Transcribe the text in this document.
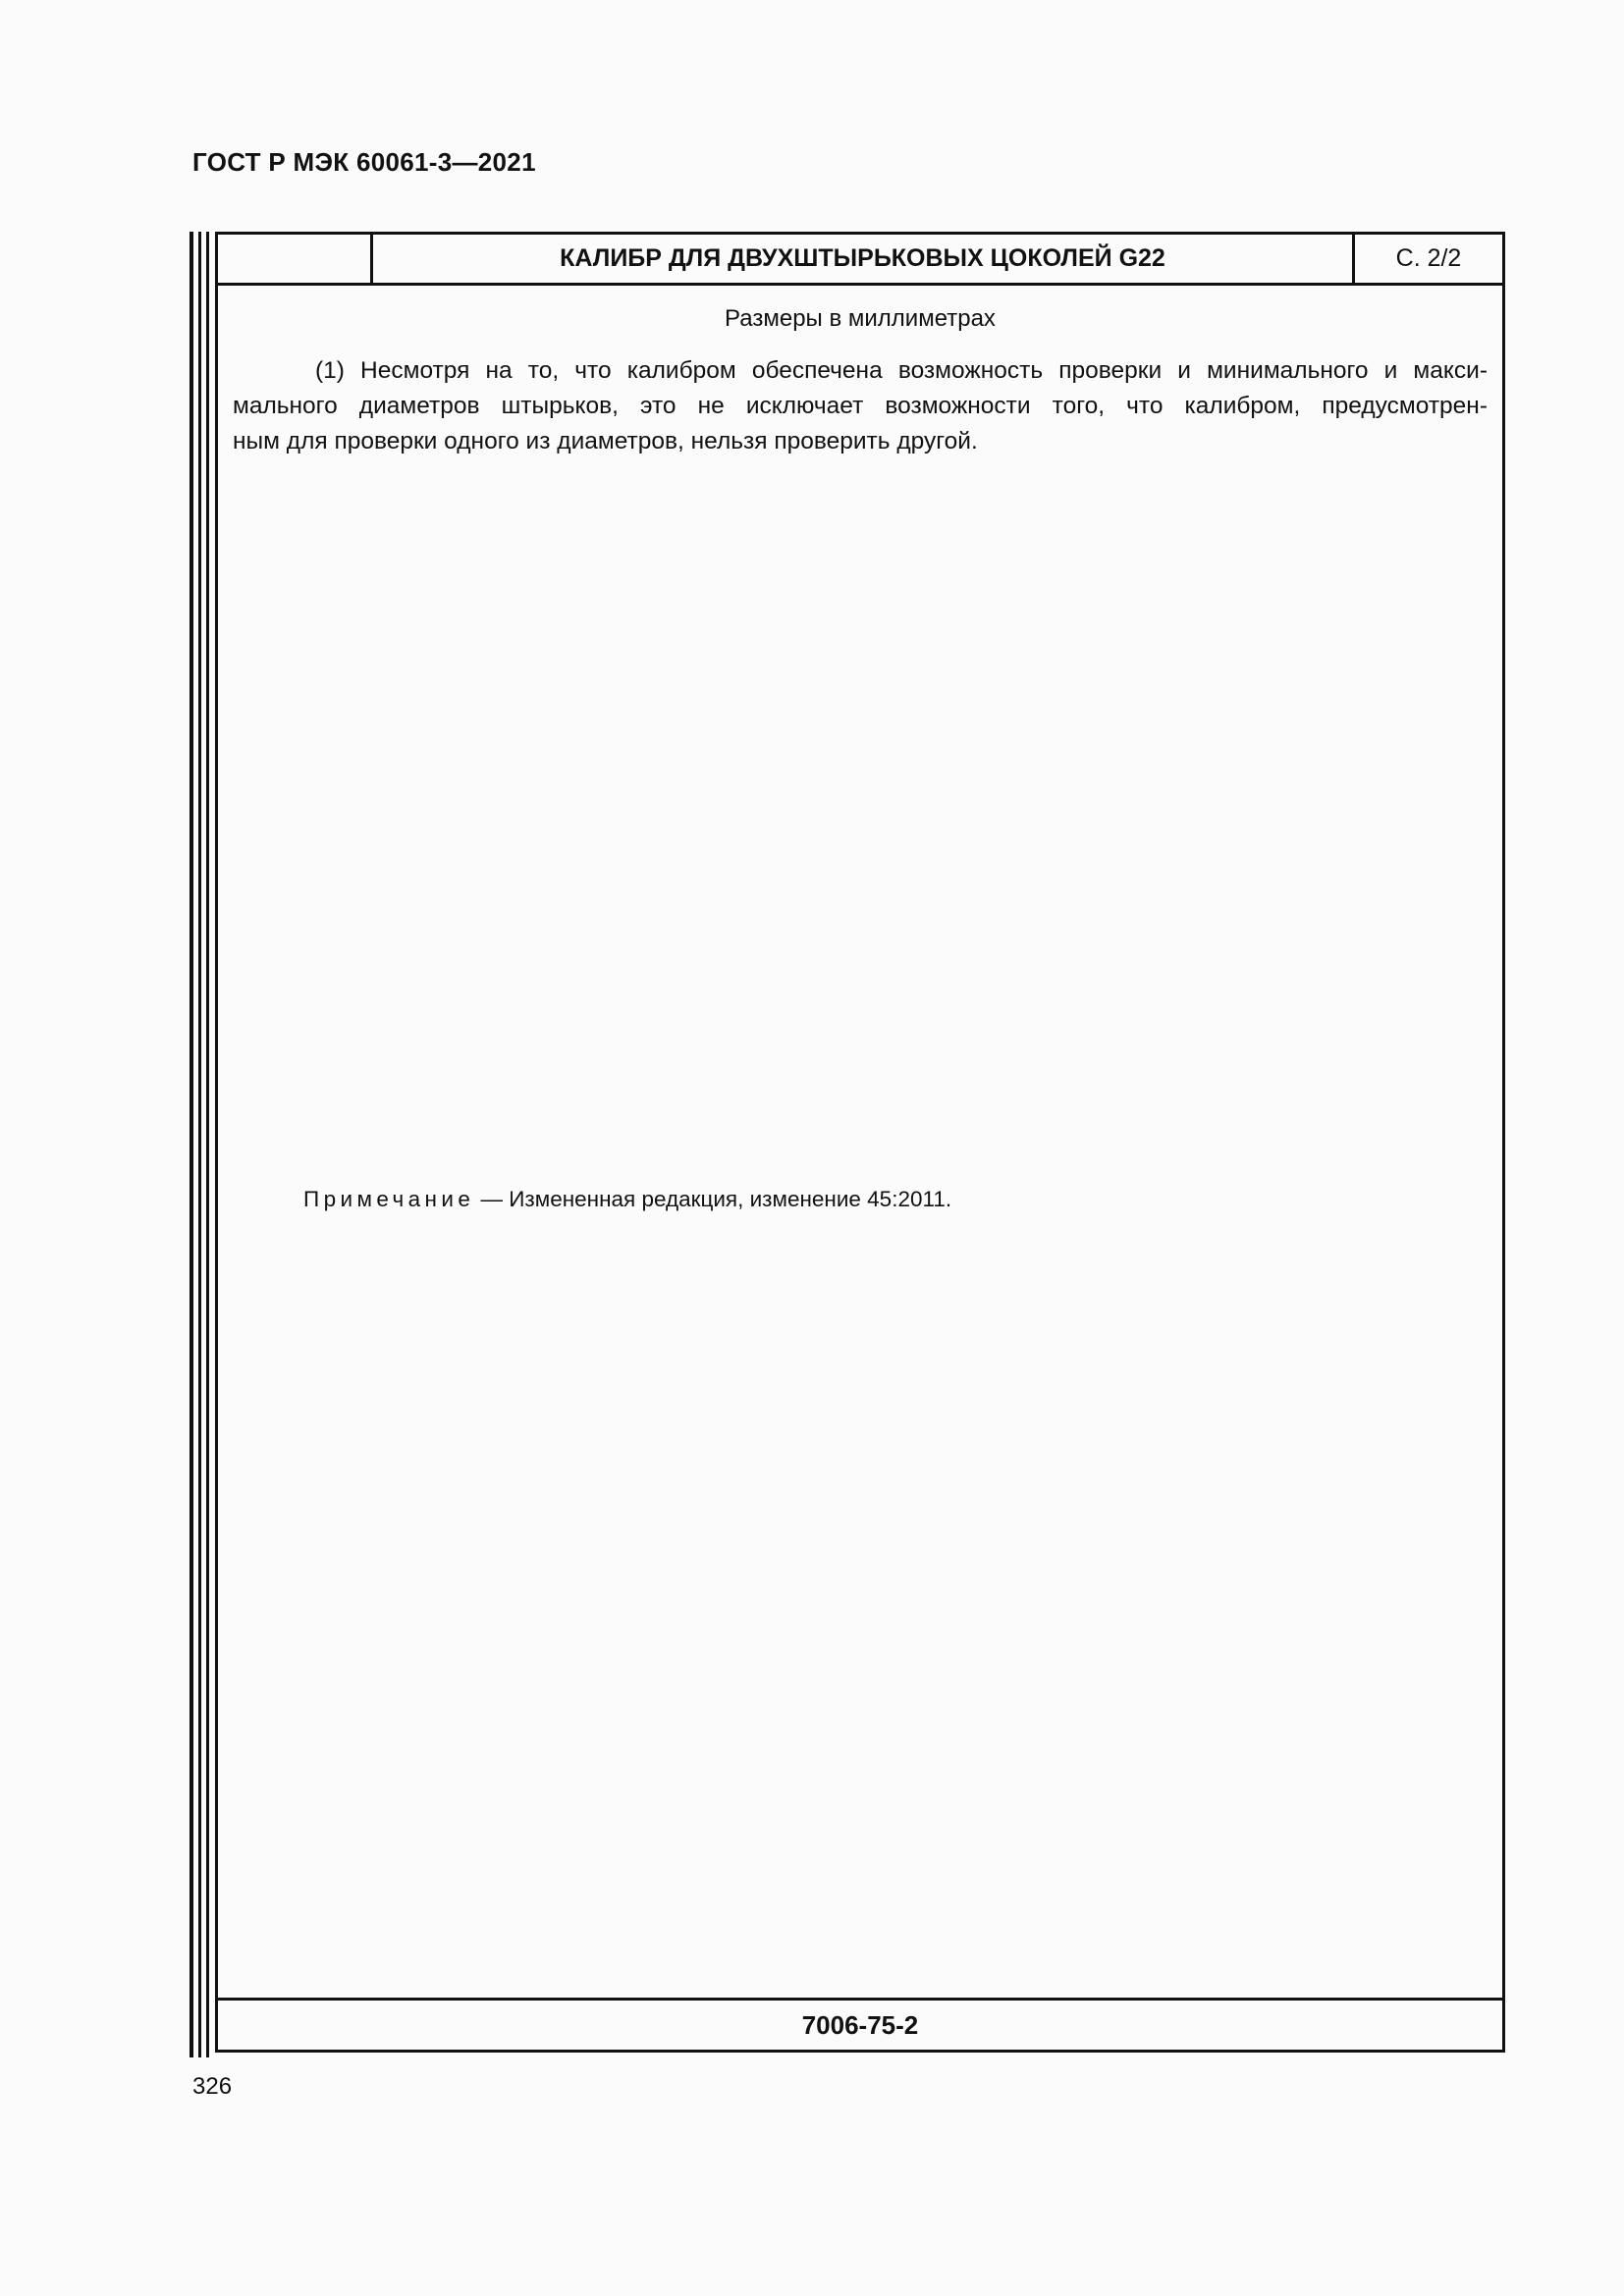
ГОСТ Р МЭК 60061-3—2021
КАЛИБР ДЛЯ ДВУХШТЫРЬКОВЫХ ЦОКОЛЕЙ G22	С. 2/2
Размеры в миллиметрах
(1) Несмотря на то, что калибром обеспечена возможность проверки и минимального и макси-
мального диаметров штырьков, это не исключает возможности того, что калибром, предусмотрен-
ным для проверки одного из диаметров, нельзя проверить другой.
Примечание — Измененная редакция, изменение 45:2011.
7006-75-2
326
